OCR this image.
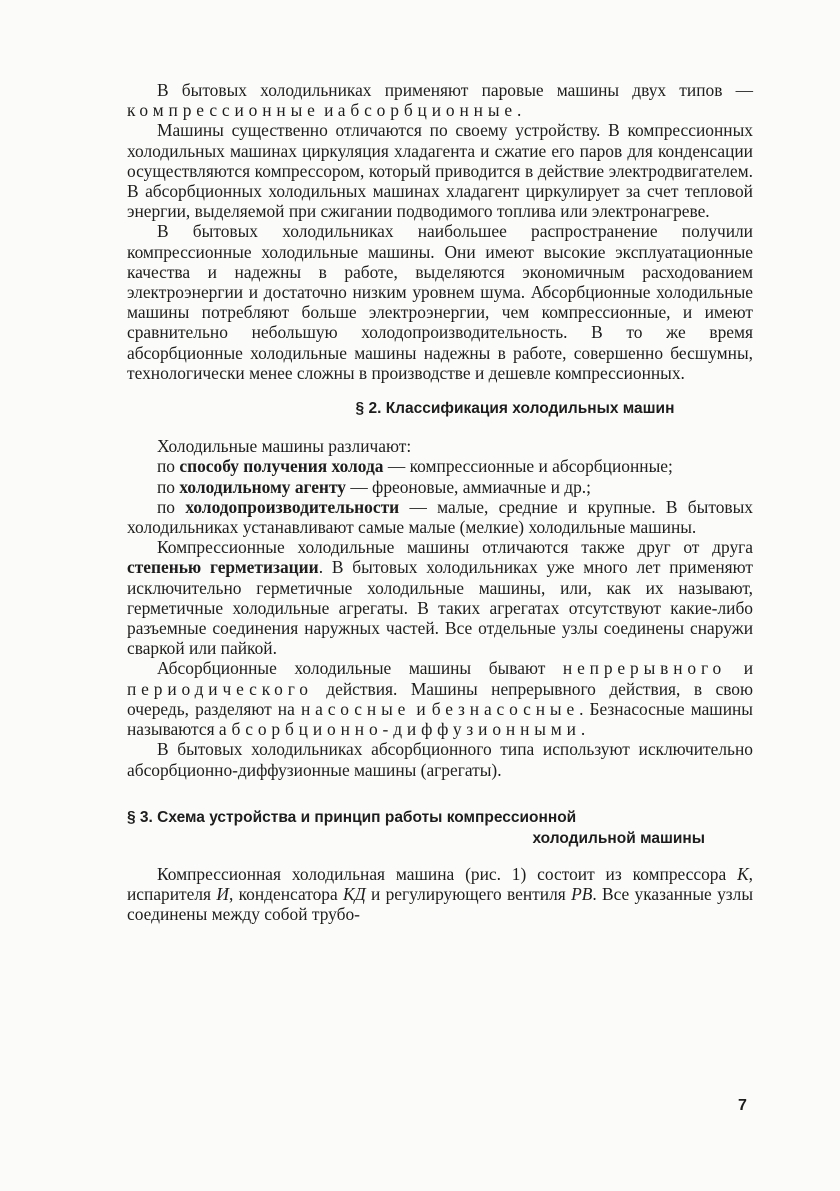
В бытовых холодильниках применяют паровые машины двух типов — компрессионные и абсорбционные.

Машины существенно отличаются по своему устройству. В компрессионных холодильных машинах циркуляция хладагента и сжатие его паров для конденсации осуществляются компрессором, который приводится в действие электродвигателем. В абсорбционных холодильных машинах хладагент циркулирует за счет тепловой энергии, выделяемой при сжигании подводимого топлива или электронагреве.

В бытовых холодильниках наибольшее распространение получили компрессионные холодильные машины. Они имеют высокие эксплуатационные качества и надежны в работе, выделяются экономичным расходованием электроэнергии и достаточно низким уровнем шума. Абсорбционные холодильные машины потребляют больше электроэнергии, чем компрессионные, и имеют сравнительно небольшую холодопроизводительность. В то же время абсорбционные холодильные машины надежны в работе, совершенно бесшумны, технологически менее сложны в производстве и дешевле компрессионных.

§ 2. Классификация холодильных машин

Холодильные машины различают:

по способу получения холода — компрессионные и абсорбционные;

по холодильному агенту — фреоновые, аммиачные и др.;

по холодопроизводительности — малые, средние и крупные. В бытовых холодильниках устанавливают самые малые (мелкие) холодильные машины.

Компрессионные холодильные машины отличаются также друг от друга степенью герметизации. В бытовых холодильниках уже много лет применяют исключительно герметичные холодильные машины, или, как их называют, герметичные холодильные агрегаты. В таких агрегатах отсутствуют какие-либо разъемные соединения наружных частей. Все отдельные узлы соединены снаружи сваркой или пайкой.

Абсорбционные холодильные машины бывают непрерывного и периодического действия. Машины непрерывного действия, в свою очередь, разделяют на насосные и безнасосные. Безнасосные машины называются абсорбционно-диффузионными.

В бытовых холодильниках абсорбционного типа используют исключительно абсорбционно-диффузионные машины (агрегаты).

§ 3. Схема устройства и принцип работы компрессионной
холодильной машины

Компрессионная холодильная машина (рис. 1) состоит из компрессора К, испарителя И, конденсатора КД и регулирующего вентиля РВ. Все указанные узлы соединены между собой трубо-

7
